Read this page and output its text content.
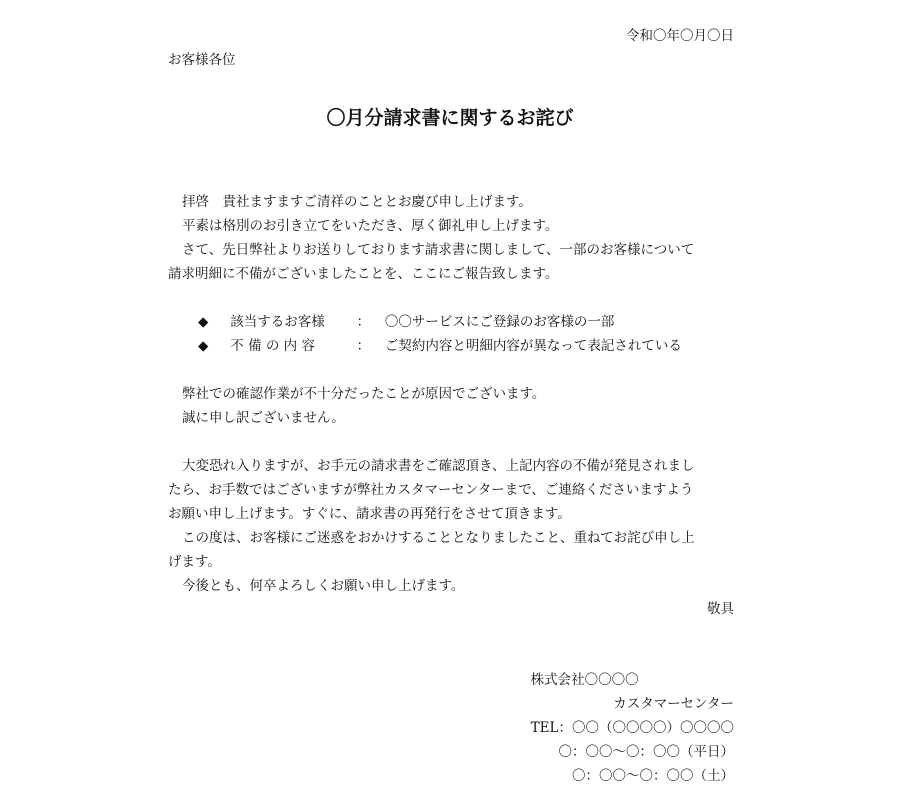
令和〇年〇月〇日
お客様各位
〇月分請求書に関するお詫び
拝啓　貴社ますますご清祥のこととお慶び申し上げます。
平素は格別のお引き立てをいただき、厚く御礼申し上げます。
さて、先日弊社よりお送りしております請求書に関しまして、一部のお客様について
請求明細に不備がございましたことを、ここにご報告致します。
◆ 該当するお客様 ： 〇〇サービスにご登録のお客様の一部
◆ 不 備 の 内 容	： ご契約内容と明細内容が異なって表記されている
弊社での確認作業が不十分だったことが原因でございます。
誠に申し訳ございません。
大変恐れ入りますが、お手元の請求書をご確認頂き、上記内容の不備が発見されまし
たら、お手数ではございますが弊社カスタマーセンターまで、ご連絡くださいますよう
お願い申し上げます。すぐに、請求書の再発行をさせて頂きます。
この度は、お客様にご迷惑をおかけすることとなりましたこと、重ねてお詫び申し上
げます。
今後とも、何卒よろしくお願い申し上げます。
敬具
株式会社〇〇〇〇
カスタマーセンター
TEL：〇〇（〇〇〇〇）〇〇〇〇
〇：〇〇〜〇：〇〇（平日）
〇：〇〇〜〇：〇〇（土）
